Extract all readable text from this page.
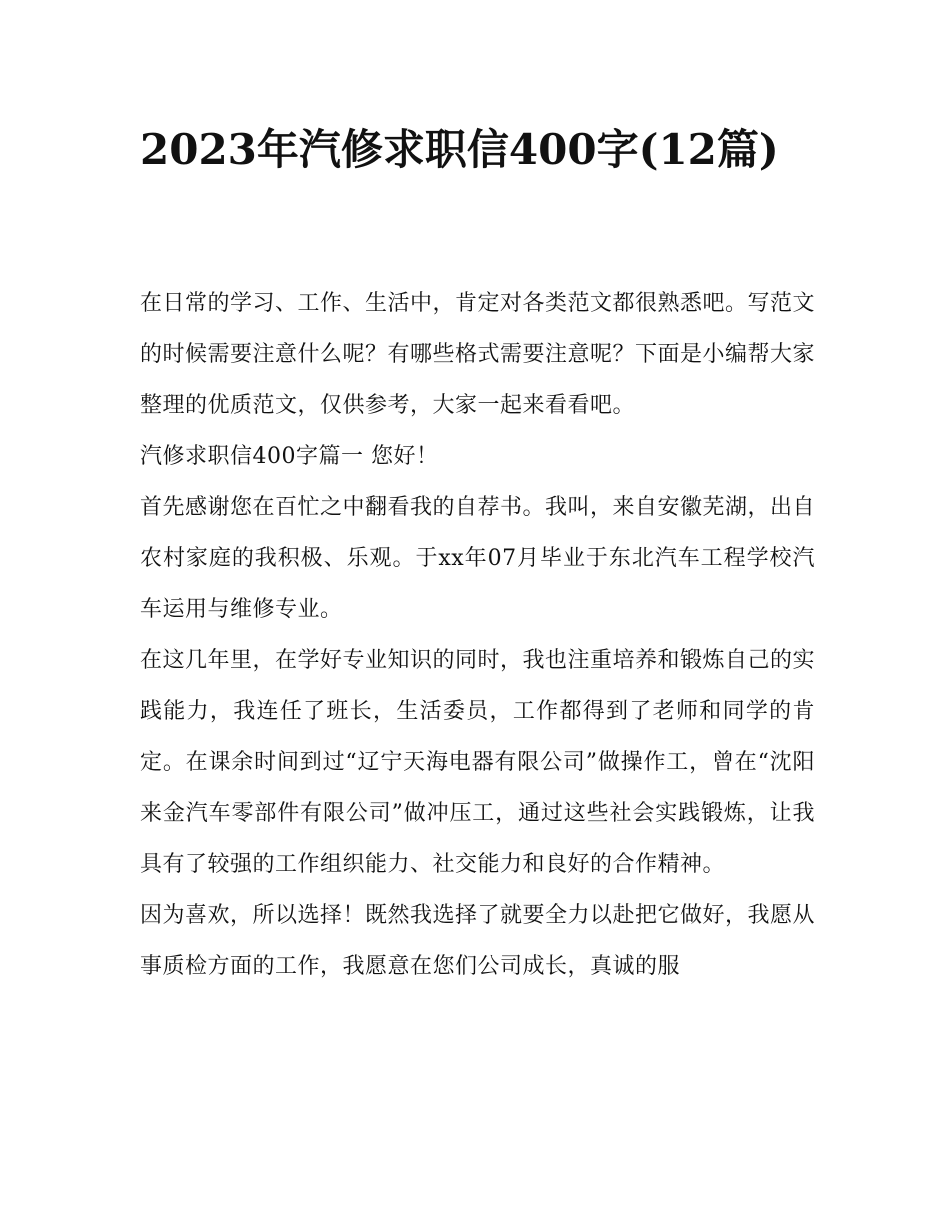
2023年汽修求职信400字(12篇)

在日常的学习、工作、生活中，肯定对各类范文都很熟悉吧。写范文的时候需要注意什么呢？有哪些格式需要注意呢？下面是小编帮大家整理的优质范文，仅供参考，大家一起来看看吧。

汽修求职信400字篇一 您好！

首先感谢您在百忙之中翻看我的自荐书。我叫，来自安徽芜湖，出自农村家庭的我积极、乐观。于xx年07月毕业于东北汽车工程学校汽车运用与维修专业。

在这几年里，在学好专业知识的同时，我也注重培养和锻炼自己的实践能力，我连任了班长，生活委员，工作都得到了老师和同学的肯定。在课余时间到过“辽宁天海电器有限公司”做操作工，曾在“沈阳来金汽车零部件有限公司”做冲压工，通过这些社会实践锻炼，让我具有了较强的工作组织能力、社交能力和良好的合作精神。

因为喜欢，所以选择！既然我选择了就要全力以赴把它做好，我愿从事质检方面的工作，我愿意在您们公司成长，真诚的服
